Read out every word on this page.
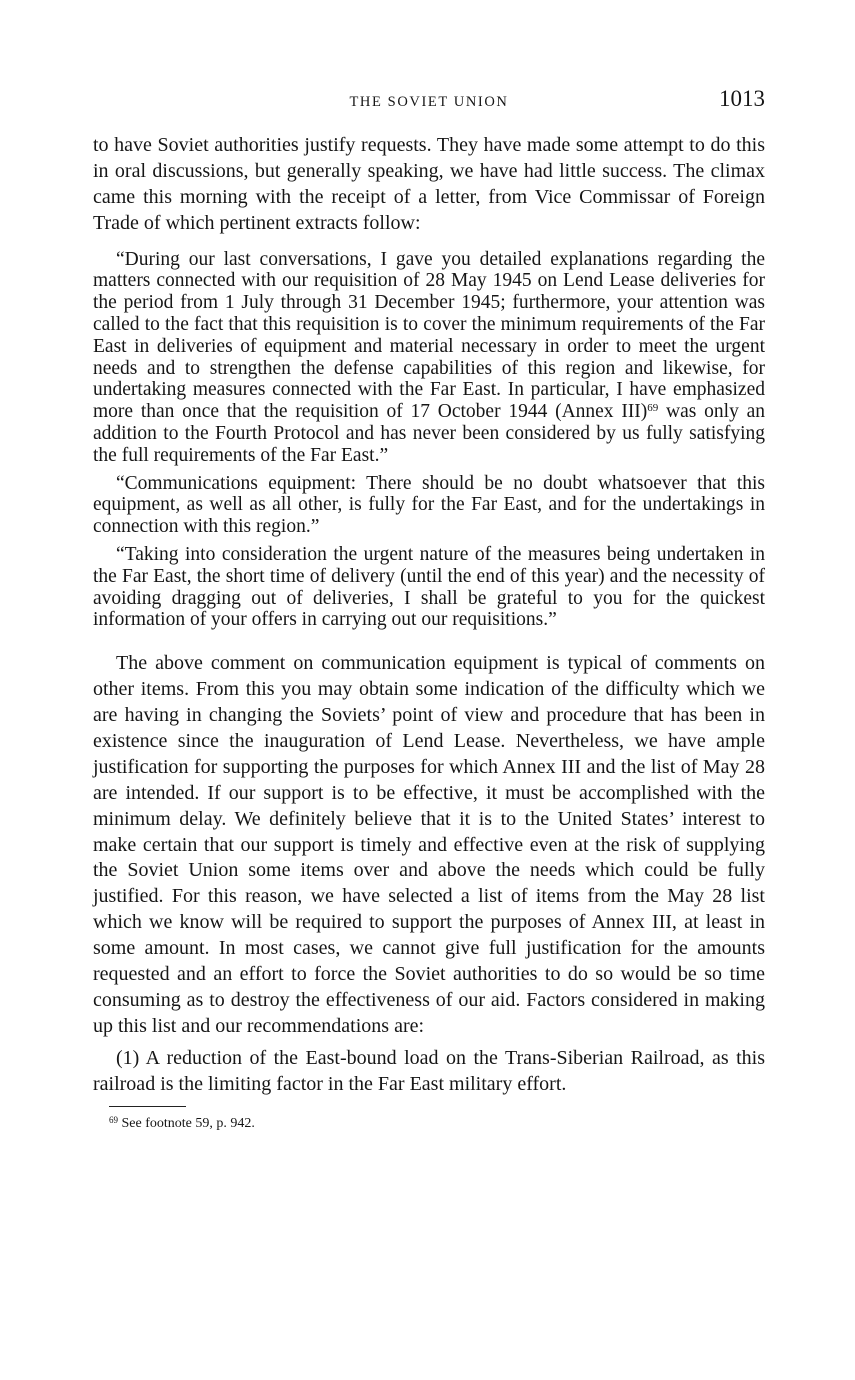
THE SOVIET UNION	1013

to have Soviet authorities justify requests. They have made some attempt to do this in oral discussions, but generally speaking, we have had little success. The climax came this morning with the receipt of a letter, from Vice Commissar of Foreign Trade of which pertinent extracts follow:

“During our last conversations, I gave you detailed explanations regarding the matters connected with our requisition of 28 May 1945 on Lend Lease deliveries for the period from 1 July through 31 December 1945; furthermore, your attention was called to the fact that this requisition is to cover the minimum requirements of the Far East in deliveries of equipment and material necessary in order to meet the urgent needs and to strengthen the defense capabilities of this region and likewise, for undertaking measures connected with the Far East. In particular, I have emphasized more than once that the requisition of 17 October 1944 (Annex III)$^{69}$ was only an addition to the Fourth Protocol and has never been considered by us fully satisfying the full requirements of the Far East.”

“Communications equipment: There should be no doubt whatsoever that this equipment, as well as all other, is fully for the Far East, and for the undertakings in connection with this region.”

“Taking into consideration the urgent nature of the measures being undertaken in the Far East, the short time of delivery (until the end of this year) and the necessity of avoiding dragging out of deliveries, I shall be grateful to you for the quickest information of your offers in carrying out our requisitions.”

The above comment on communication equipment is typical of comments on other items. From this you may obtain some indication of the difficulty which we are having in changing the Soviets’ point of view and procedure that has been in existence since the inauguration of Lend Lease. Nevertheless, we have ample justification for supporting the purposes for which Annex III and the list of May 28 are intended. If our support is to be effective, it must be accomplished with the minimum delay. We definitely believe that it is to the United States’ interest to make certain that our support is timely and effective even at the risk of supplying the Soviet Union some items over and above the needs which could be fully justified. For this reason, we have selected a list of items from the May 28 list which we know will be required to support the purposes of Annex III, at least in some amount. In most cases, we cannot give full justification for the amounts requested and an effort to force the Soviet authorities to do so would be so time consuming as to destroy the effectiveness of our aid. Factors considered in making up this list and our recommendations are:

(1) A reduction of the East-bound load on the Trans-Siberian Railroad, as this railroad is the limiting factor in the Far East military effort.

$^{69}$ See footnote 59, p. 942.
